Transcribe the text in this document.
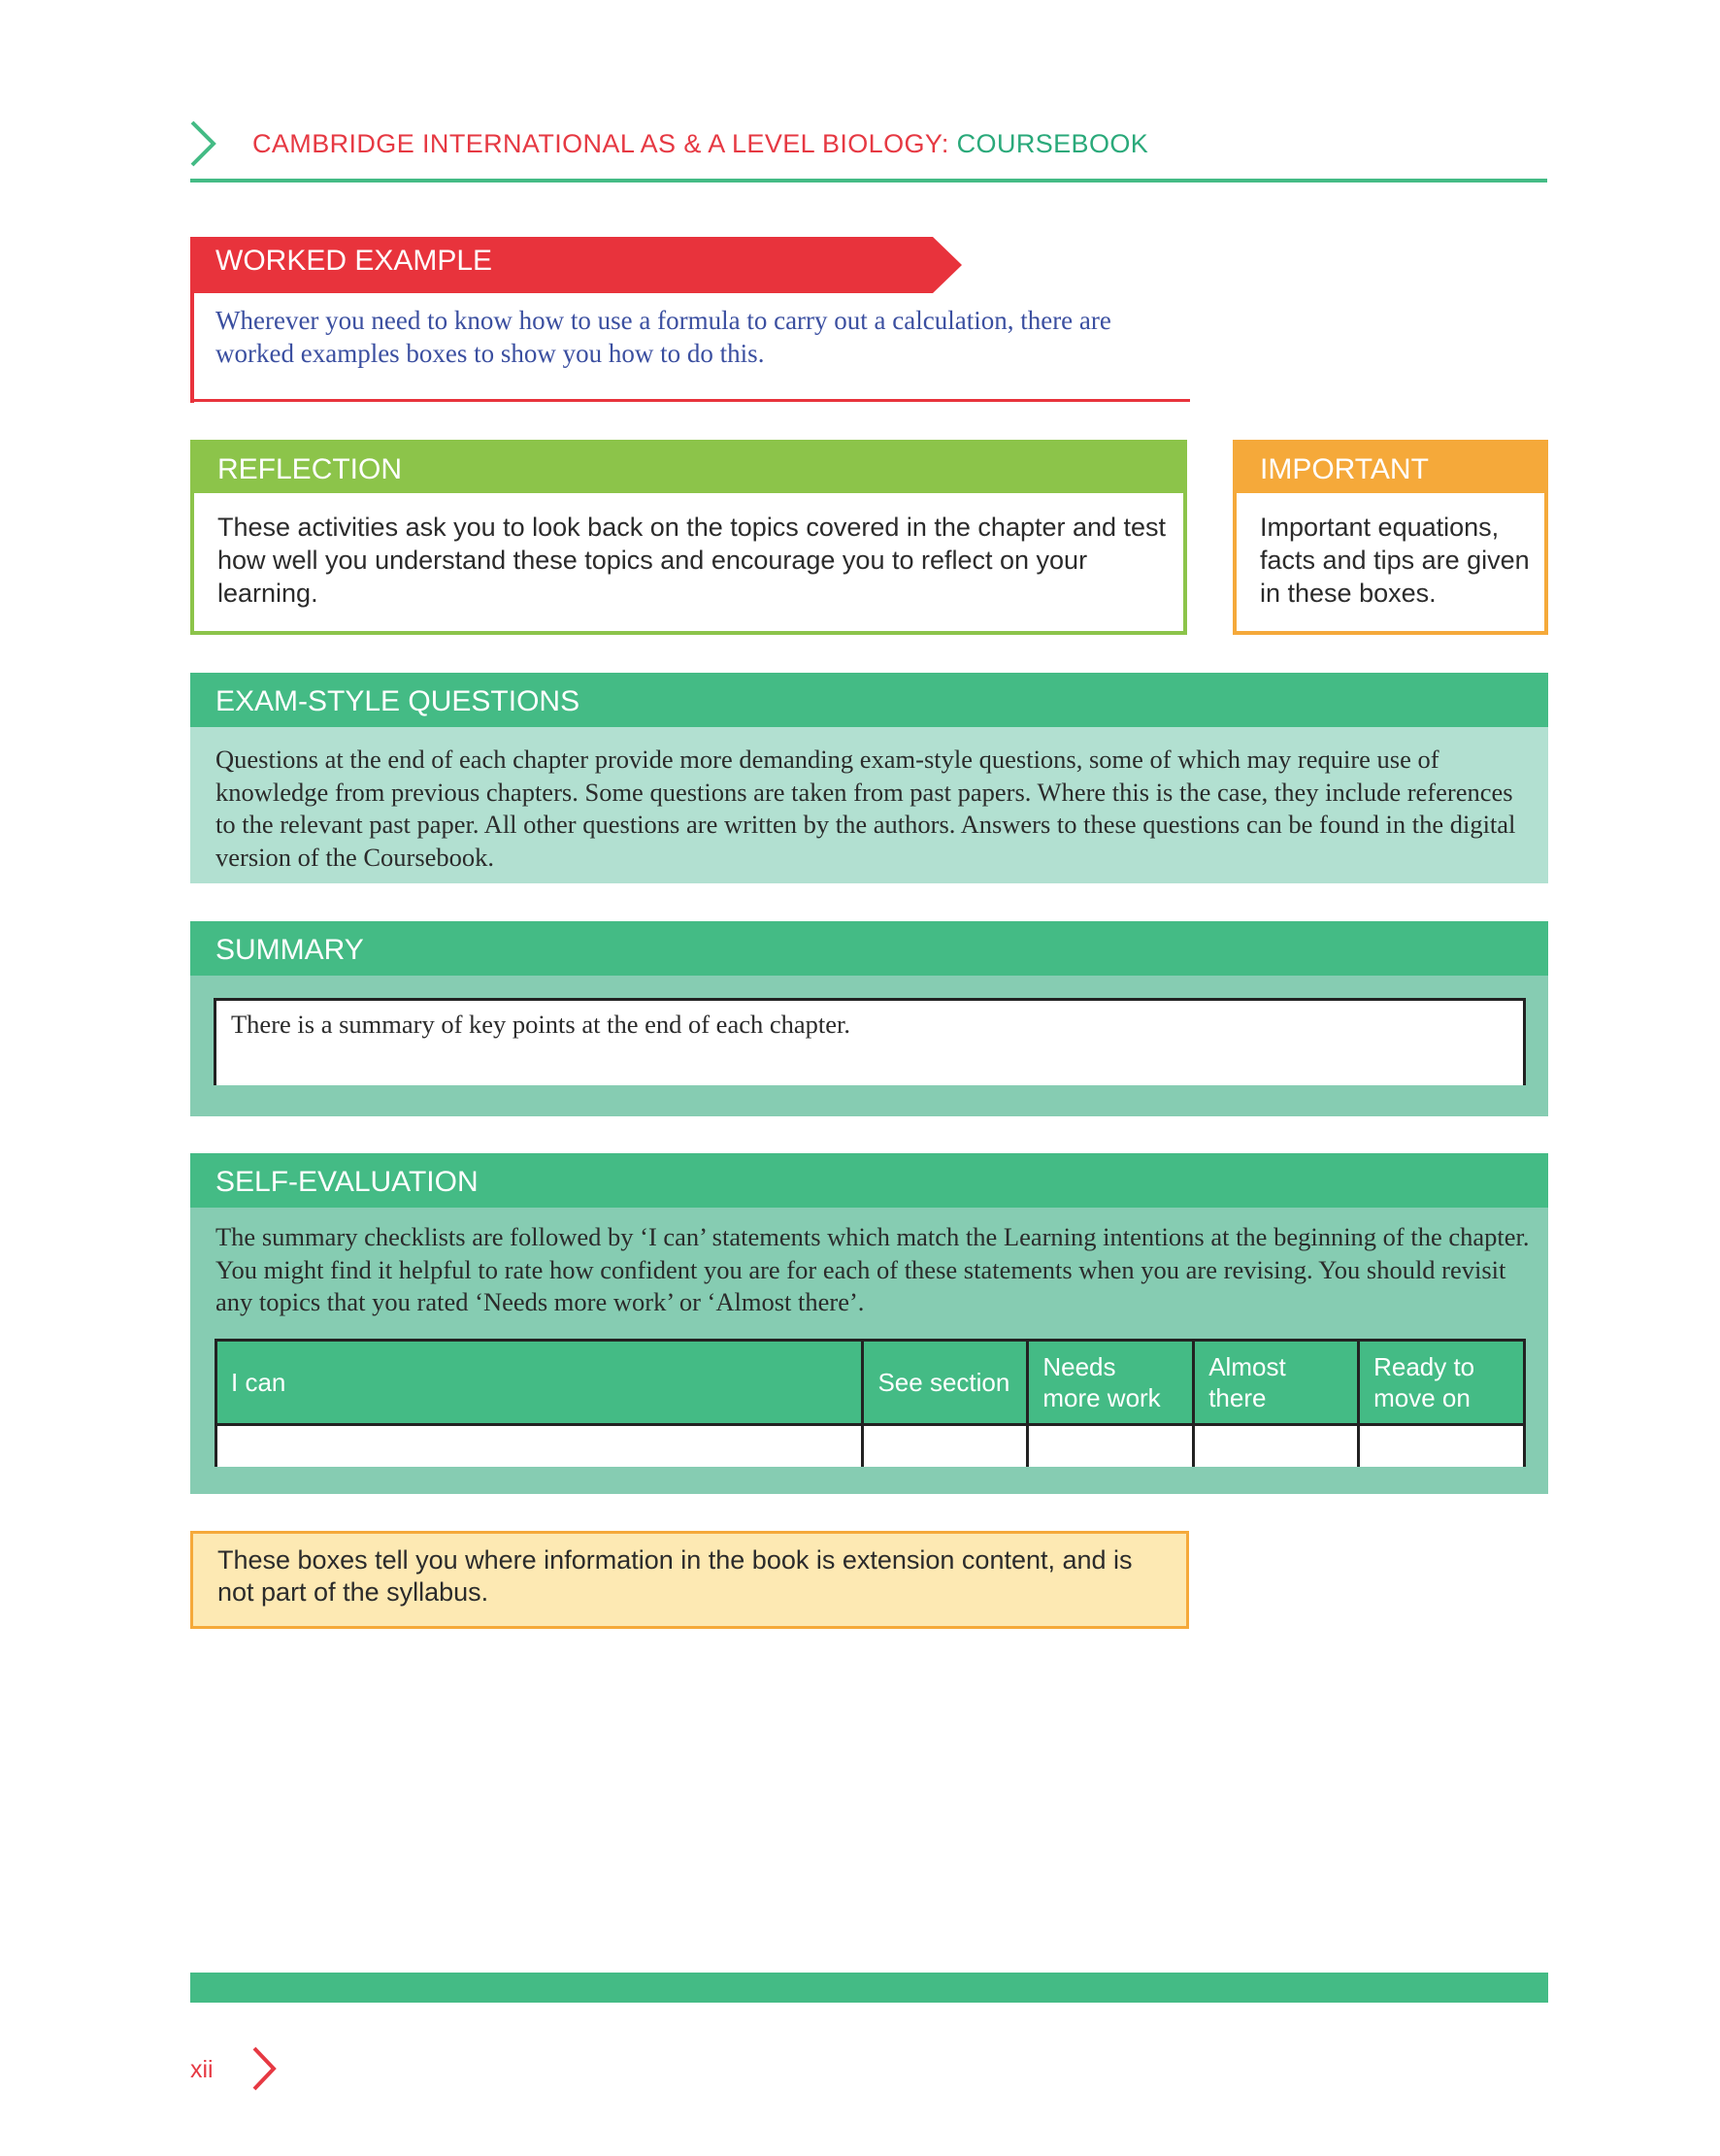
CAMBRIDGE INTERNATIONAL AS & A LEVEL BIOLOGY: COURSEBOOK
WORKED EXAMPLE
Wherever you need to know how to use a formula to carry out a calculation, there are worked examples boxes to show you how to do this.
REFLECTION
These activities ask you to look back on the topics covered in the chapter and test how well you understand these topics and encourage you to reflect on your learning.
IMPORTANT
Important equations, facts and tips are given in these boxes.
EXAM-STYLE QUESTIONS
Questions at the end of each chapter provide more demanding exam-style questions, some of which may require use of knowledge from previous chapters. Some questions are taken from past papers. Where this is the case, they include references to the relevant past paper. All other questions are written by the authors. Answers to these questions can be found in the digital version of the Coursebook.
SUMMARY
There is a summary of key points at the end of each chapter.
SELF-EVALUATION
The summary checklists are followed by ‘I can’ statements which match the Learning intentions at the beginning of the chapter. You might find it helpful to rate how confident you are for each of these statements when you are revising. You should revisit any topics that you rated ‘Needs more work’ or ‘Almost there’.
I can	See section	Needs more work	Almost there	Ready to move on

These boxes tell you where information in the book is extension content, and is not part of the syllabus.
xii
